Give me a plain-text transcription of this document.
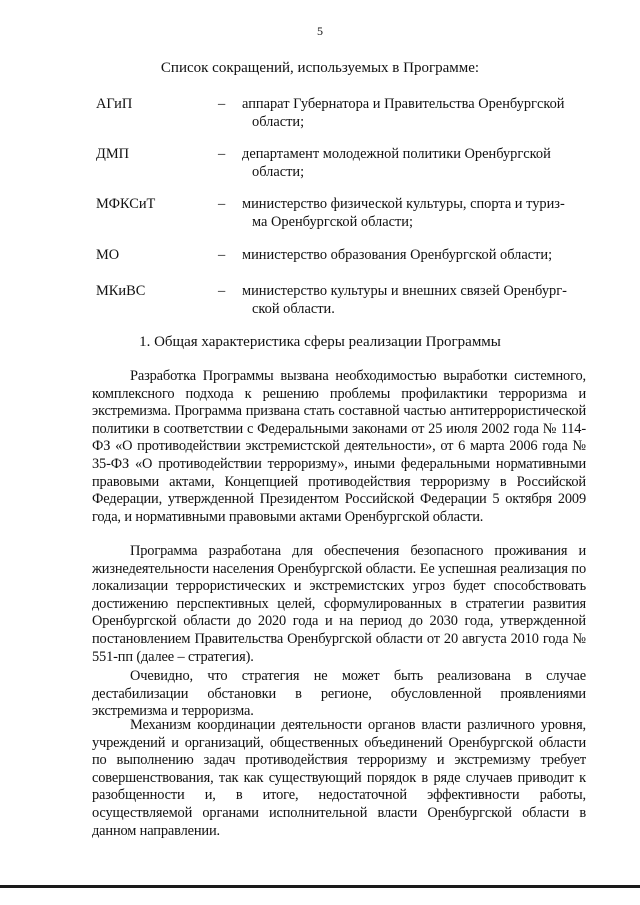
5
Список сокращений, используемых в Программе:
АГиП	– аппарат Губернатора и Правительства Оренбургской
области;
ДМП	– департамент молодежной политики Оренбургской
области;
МФКСиТ	– министерство физической культуры, спорта и туриз-
ма Оренбургской области;
МО	– министерство образования Оренбургской области;
МКиВС	– министерство культуры и внешних связей Оренбург-
ской области.
1. Общая характеристика сферы реализации Программы

Разработка Программы вызвана необходимостью выработки системного, комплексного подхода к решению проблемы профилактики терроризма и экстремизма. Программа призвана стать составной частью антитеррористической политики в соответствии с Федеральными законами от 25 июля 2002 года № 114-ФЗ «О противодействии экстремистской деятельности», от 6 марта 2006 года № 35-ФЗ «О противодействии терроризму», иными федеральными нормативными правовыми актами, Концепцией противодействия терроризму в Российской Федерации, утвержденной Президентом Российской Федерации 5 октября 2009 года, и нормативными правовыми актами Оренбургской области.

Программа разработана для обеспечения безопасного проживания и жизнедеятельности населения Оренбургской области. Ее успешная реализация по локализации террористических и экстремистских угроз будет способствовать достижению перспективных целей, сформулированных в стратегии развития Оренбургской области до 2020 года и на период до 2030 года, утвержденной постановлением Правительства Оренбургской области от 20 августа 2010 года № 551-пп (далее – стратегия).

Очевидно, что стратегия не может быть реализована в случае дестабилизации обстановки в регионе, обусловленной проявлениями экстремизма и терроризма.

Механизм координации деятельности органов власти различного уровня, учреждений и организаций, общественных объединений Оренбургской области по выполнению задач противодействия терроризму и экстремизму требует совершенствования, так как существующий порядок в ряде случаев приводит к разобщенности и, в итоге, недостаточной эффективности работы, осуществляемой органами исполнительной власти Оренбургской области в данном направлении.
